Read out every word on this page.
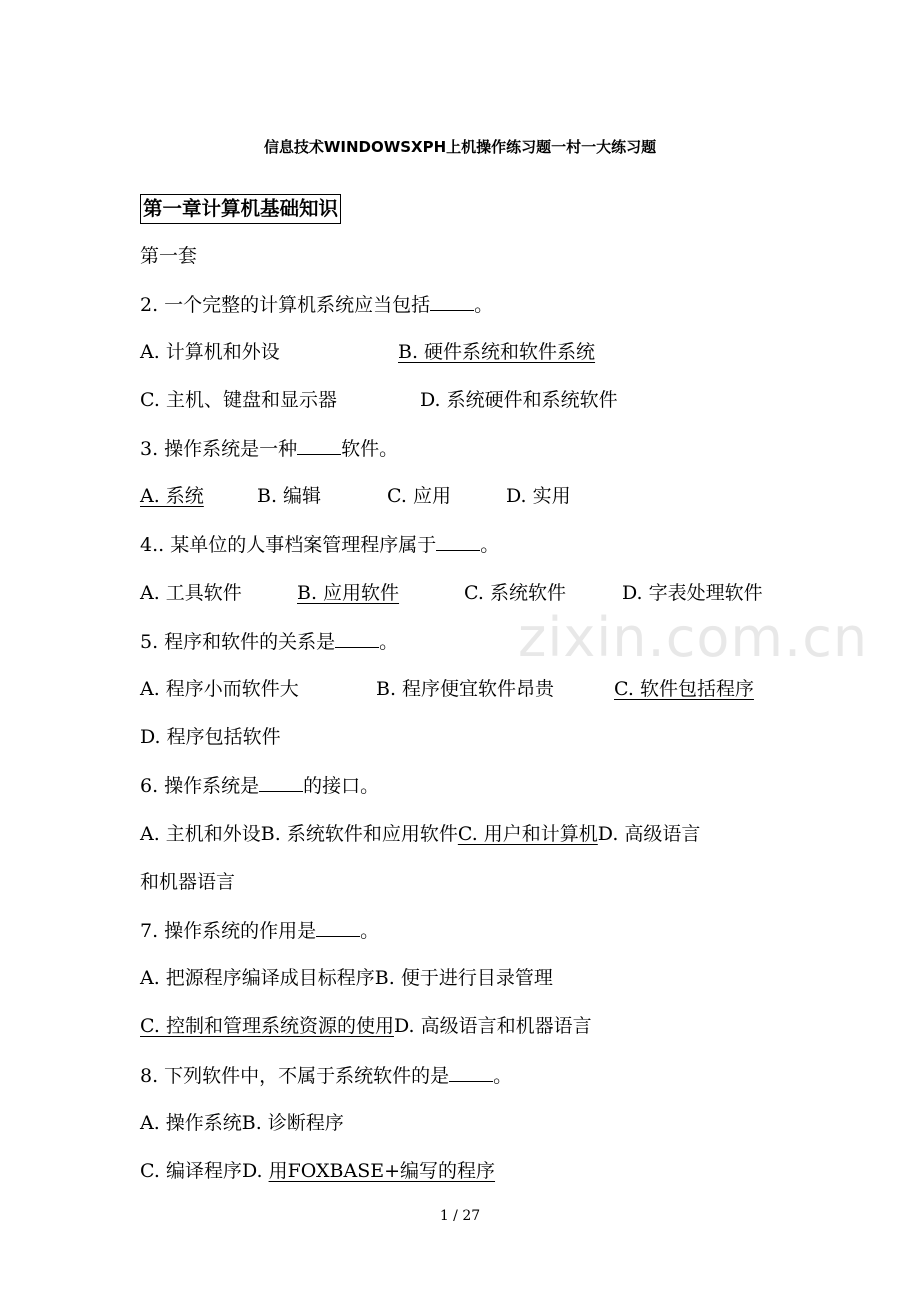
信息技术WINDOWSXPH上机操作练习题一村一大练习题
第一章计算机基础知识
第一套
2. 一个完整的计算机系统应当包括 。
A. 计算机和外设	B. 硬件系统和软件系统
C. 主机、键盘和显示器	D. 系统硬件和系统软件
3. 操作系统是一种 软件。
A. 系统	B. 编辑	C. 应用	D. 实用
4.. 某单位的人事档案管理程序属于 。
A. 工具软件	B. 应用软件	C. 系统软件	D. 字表处理软件
5. 程序和软件的关系是 。
A. 程序小而软件大	B. 程序便宜软件昂贵	C. 软件包括程序
D. 程序包括软件
6. 操作系统是 的接口。
A. 主机和外设B. 系统软件和应用软件C. 用户和计算机D. 高级语言
和机器语言
7. 操作系统的作用是 。
A. 把源程序编译成目标程序B. 便于进行目录管理
C. 控制和管理系统资源的使用D. 高级语言和机器语言
8. 下列软件中，不属于系统软件的是 。
A. 操作系统B. 诊断程序
C. 编译程序D. 用FOXBASE+编写的程序
zixin.com.cn
1 / 27
